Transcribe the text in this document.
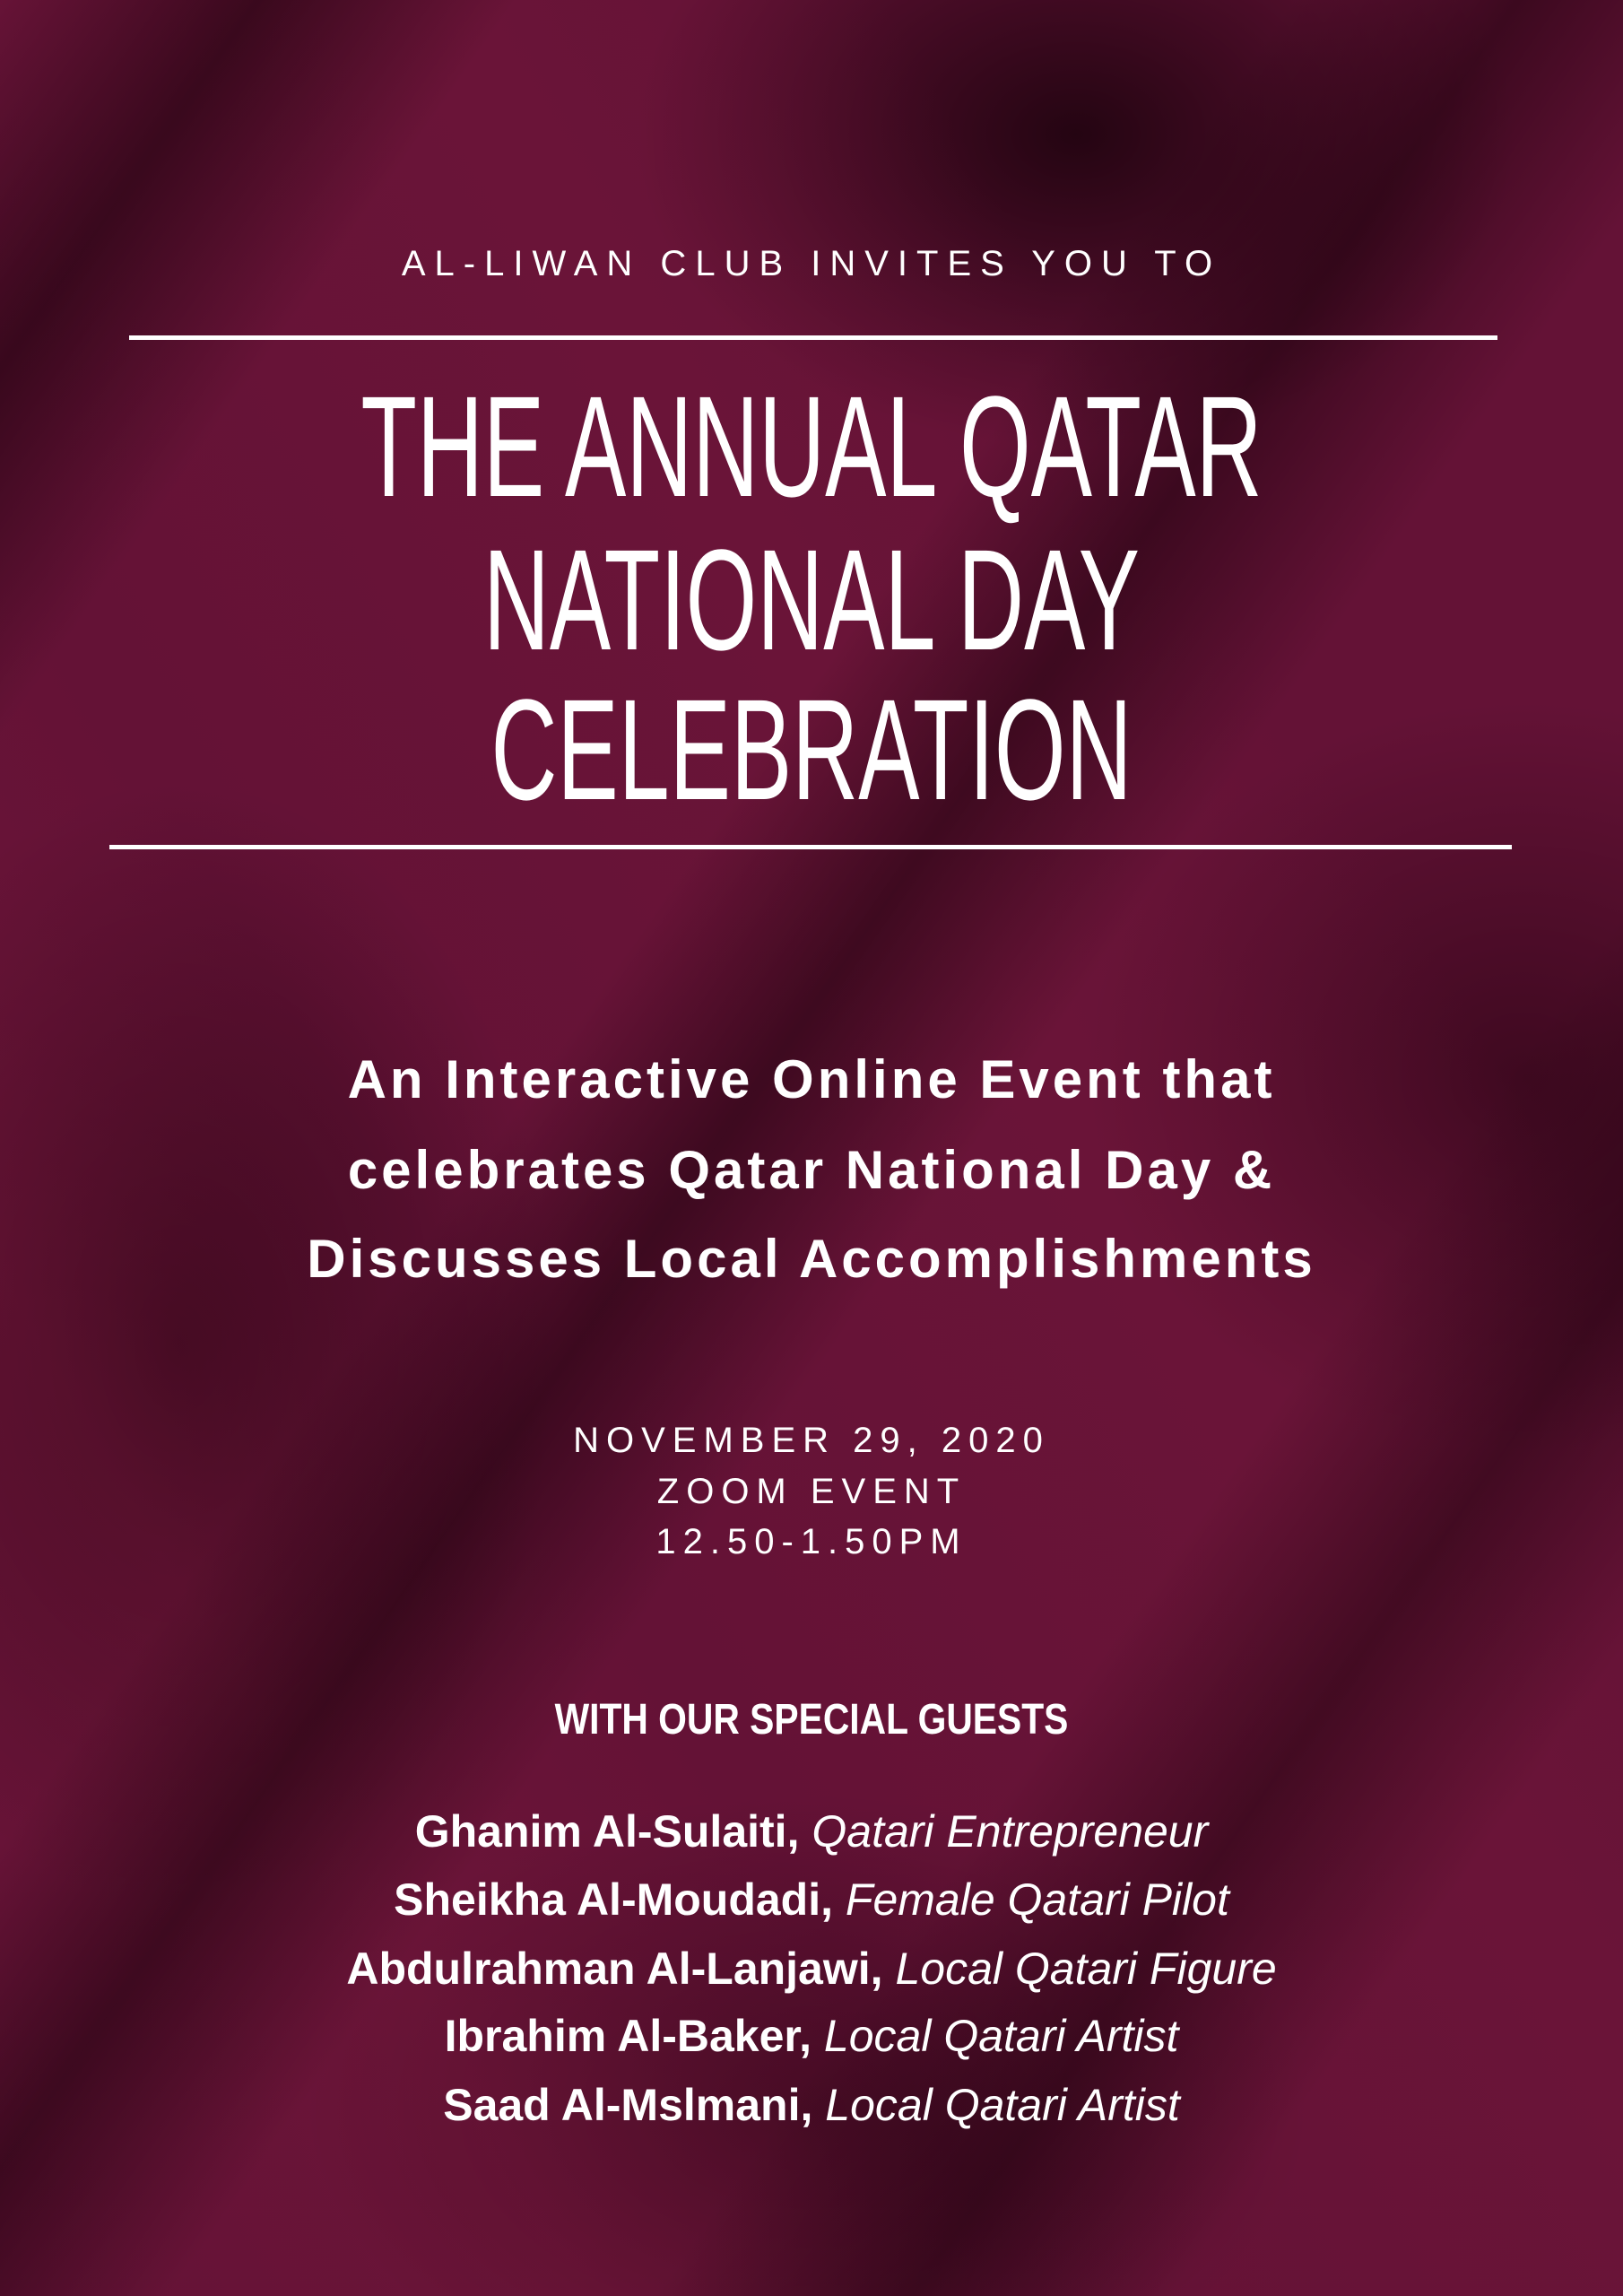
AL-LIWAN CLUB INVITES YOU TO
THE ANNUAL QATAR
NATIONAL DAY
CELEBRATION
An Interactive Online Event that
celebrates Qatar National Day &
Discusses Local Accomplishments
NOVEMBER 29, 2020
ZOOM EVENT
12.50-1.50PM
WITH OUR SPECIAL GUESTS
Ghanim Al-Sulaiti, Qatari Entrepreneur
Sheikha Al-Moudadi, Female Qatari Pilot
Abdulrahman Al-Lanjawi, Local Qatari Figure
Ibrahim Al-Baker, Local Qatari Artist
Saad Al-Mslmani, Local Qatari Artist
